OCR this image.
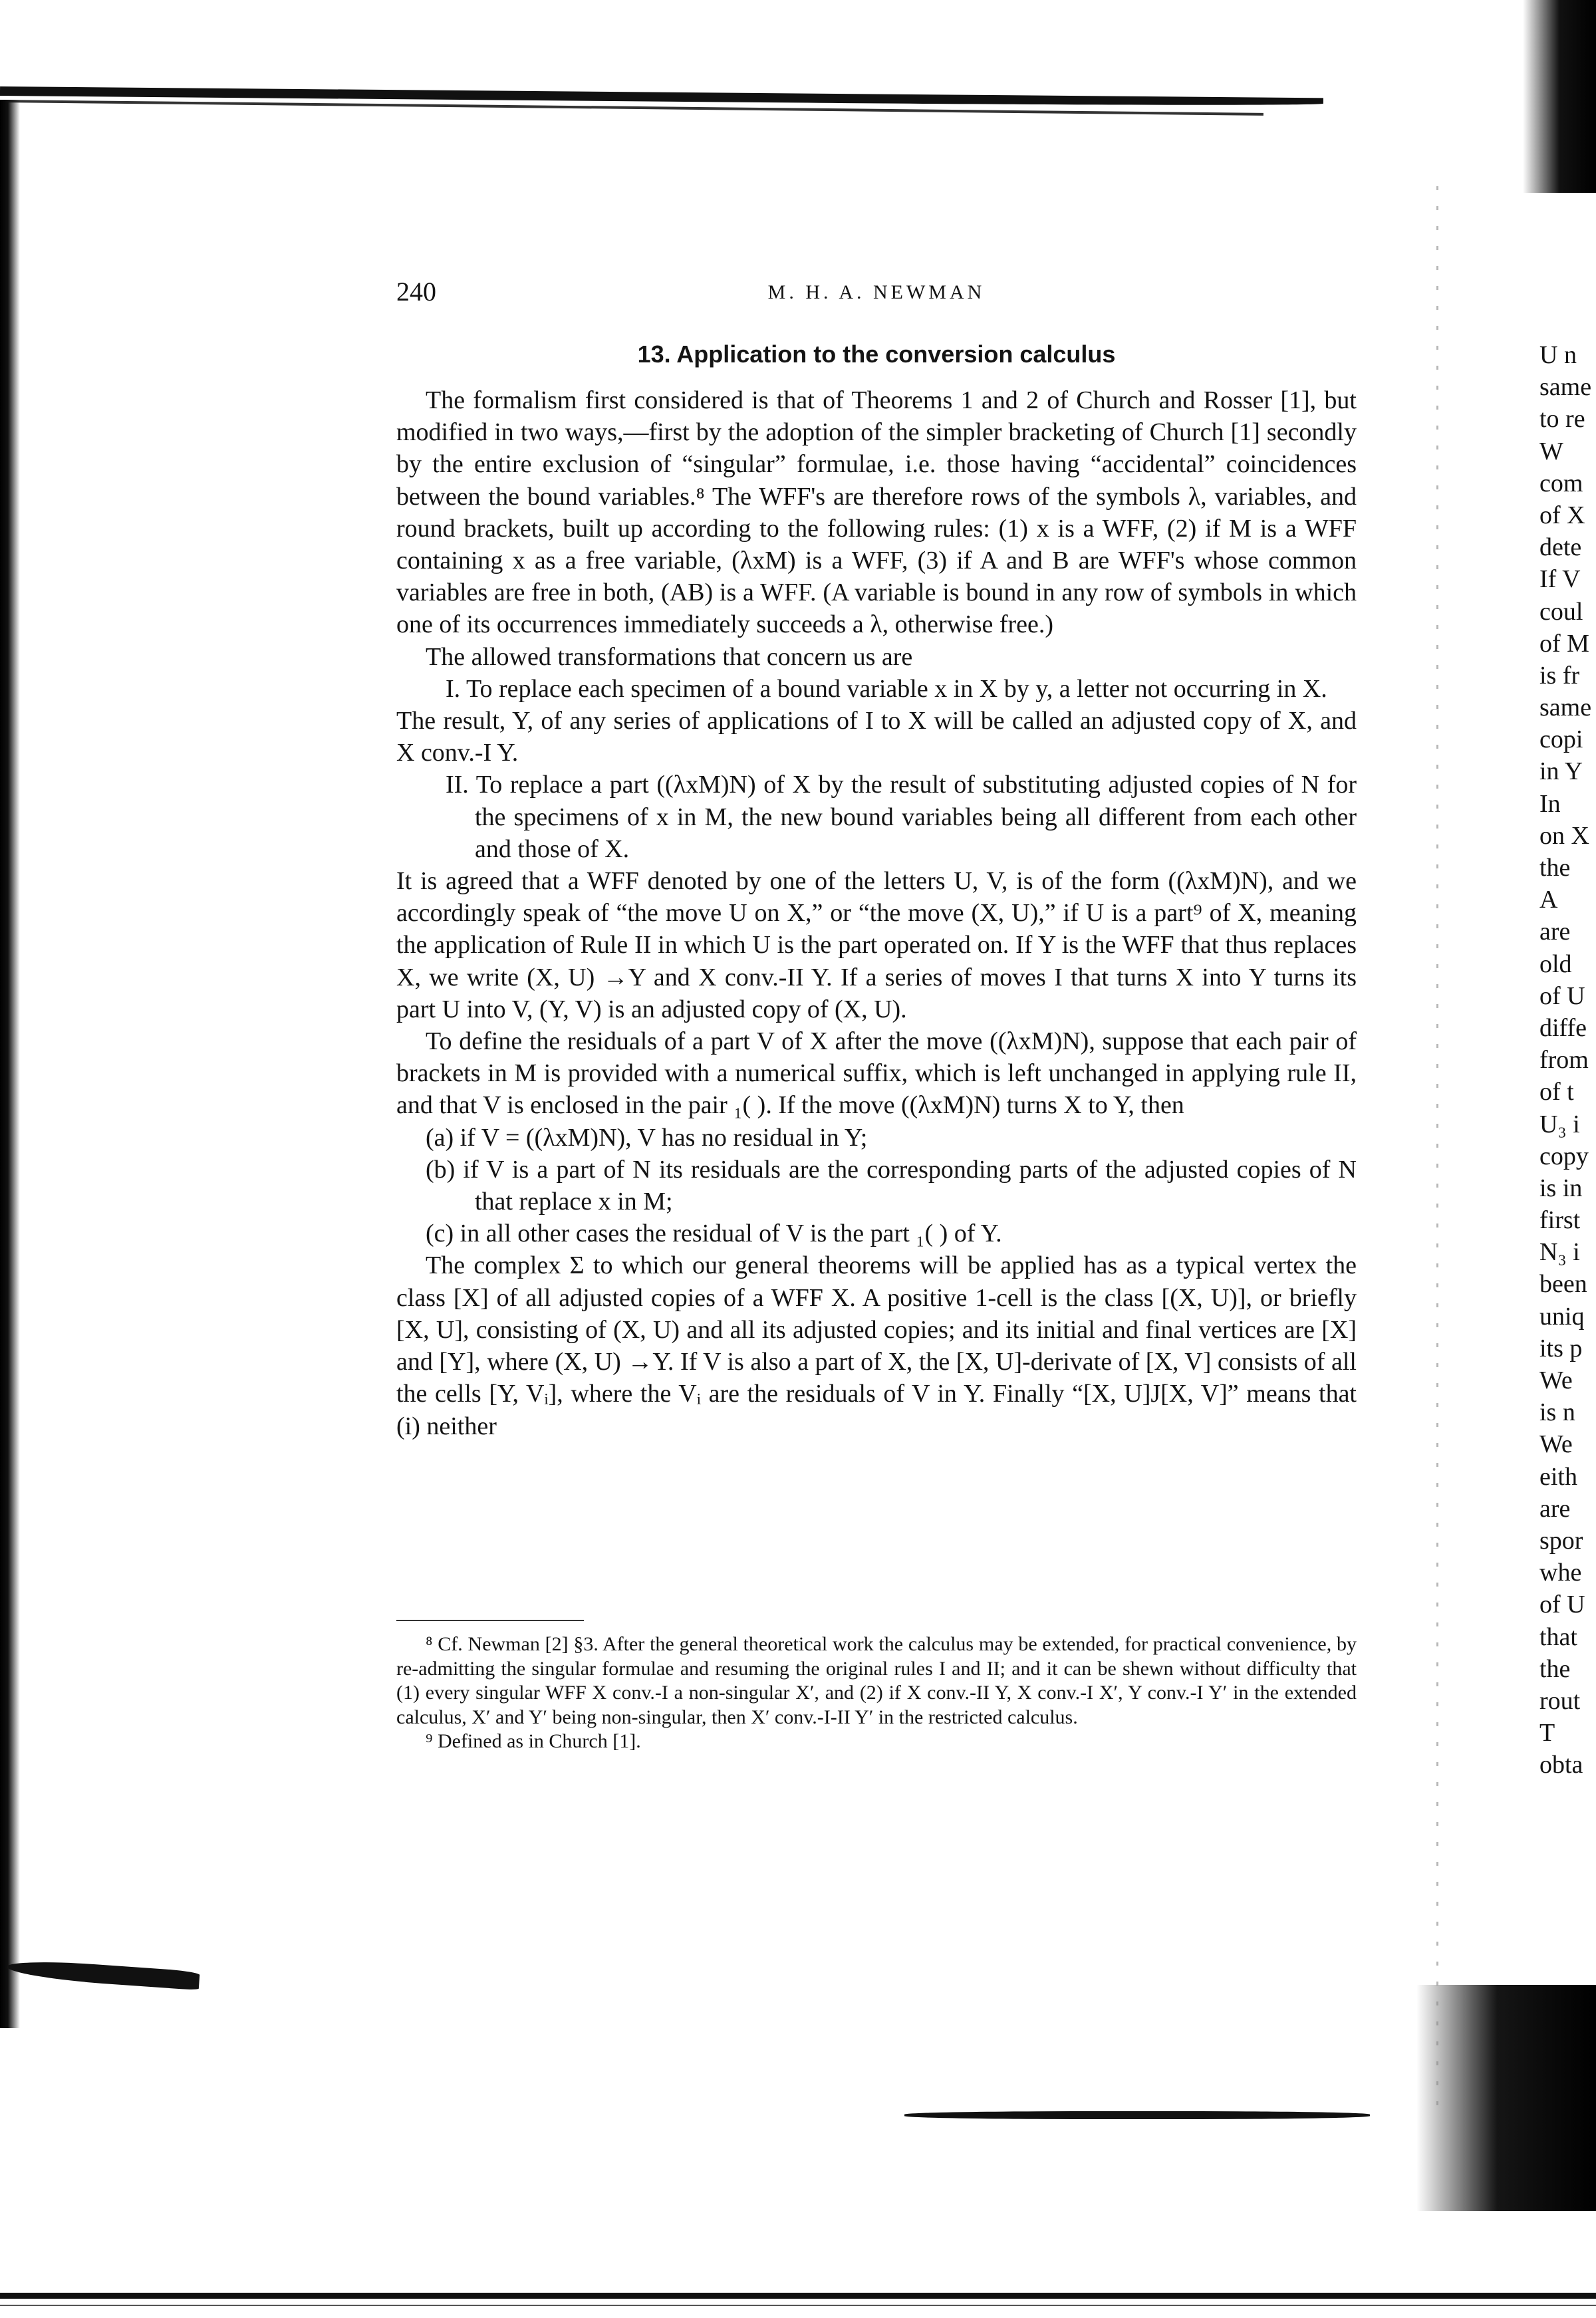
240	M. H. A. NEWMAN
13. Application to the conversion calculus

The formalism first considered is that of Theorems 1 and 2 of Church and Rosser [1], but modified in two ways,—first by the adoption of the simpler bracketing of Church [1] secondly by the entire exclusion of “singular” formulae, i.e. those having “accidental” coincidences between the bound variables.⁸ The WFF's are therefore rows of the symbols λ, variables, and round brackets, built up according to the following rules: (1) x is a WFF, (2) if M is a WFF containing x as a free variable, (λxM) is a WFF, (3) if A and B are WFF's whose common variables are free in both, (AB) is a WFF. (A variable is bound in any row of symbols in which one of its occurrences immediately succeeds a λ, otherwise free.)

The allowed transformations that concern us are

I. To replace each specimen of a bound variable x in X by y, a letter not occurring in X.

The result, Y, of any series of applications of I to X will be called an adjusted copy of X, and X conv.-I Y.

II. To replace a part ((λxM)N) of X by the result of substituting adjusted copies of N for the specimens of x in M, the new bound variables being all different from each other and those of X.

It is agreed that a WFF denoted by one of the letters U, V, is of the form ((λxM)N), and we accordingly speak of “the move U on X,” or “the move (X, U),” if U is a part⁹ of X, meaning the application of Rule II in which U is the part operated on. If Y is the WFF that thus replaces X, we write (X, U) →Y and X conv.-II Y. If a series of moves I that turns X into Y turns its part U into V, (Y, V) is an adjusted copy of (X, U).

To define the residuals of a part V of X after the move ((λxM)N), suppose that each pair of brackets in M is provided with a numerical suffix, which is left unchanged in applying rule II, and that V is enclosed in the pair ₁( ). If the move ((λxM)N) turns X to Y, then

(a) if V = ((λxM)N), V has no residual in Y;

(b) if V is a part of N its residuals are the corresponding parts of the adjusted copies of N that replace x in M;

(c) in all other cases the residual of V is the part ₁( ) of Y.

The complex Σ to which our general theorems will be applied has as a typical vertex the class [X] of all adjusted copies of a WFF X. A positive 1-cell is the class [(X, U)], or briefly [X, U], consisting of (X, U) and all its adjusted copies; and its initial and final vertices are [X] and [Y], where (X, U) →Y. If V is also a part of X, the [X, U]-derivate of [X, V] consists of all the cells [Y, Vᵢ], where the Vᵢ are the residuals of V in Y. Finally “[X, U]J[X, V]” means that (i) neither

⁸ Cf. Newman [2] §3. After the general theoretical work the calculus may be extended, for practical convenience, by re-admitting the singular formulae and resuming the original rules I and II; and it can be shewn without difficulty that (1) every singular WFF X conv.-I a non-singular X′, and (2) if X conv.-II Y, X conv.-I X′, Y conv.-I Y′ in the extended calculus, X′ and Y′ being non-singular, then X′ conv.-I-II Y′ in the restricted calculus.

⁹ Defined as in Church [1].

U n
same
to re
W
com
of X
dete
If V
coul
of M
is fr
same
copi
in Y
In
on X
the
A
are
old
of U
diffe
from
of t
U₃ i
copy
is in
first
N₃ i
been
uniq
its p
We
is n
We
eith
are
spor
whe
of U
that
the
rout
T
obta
